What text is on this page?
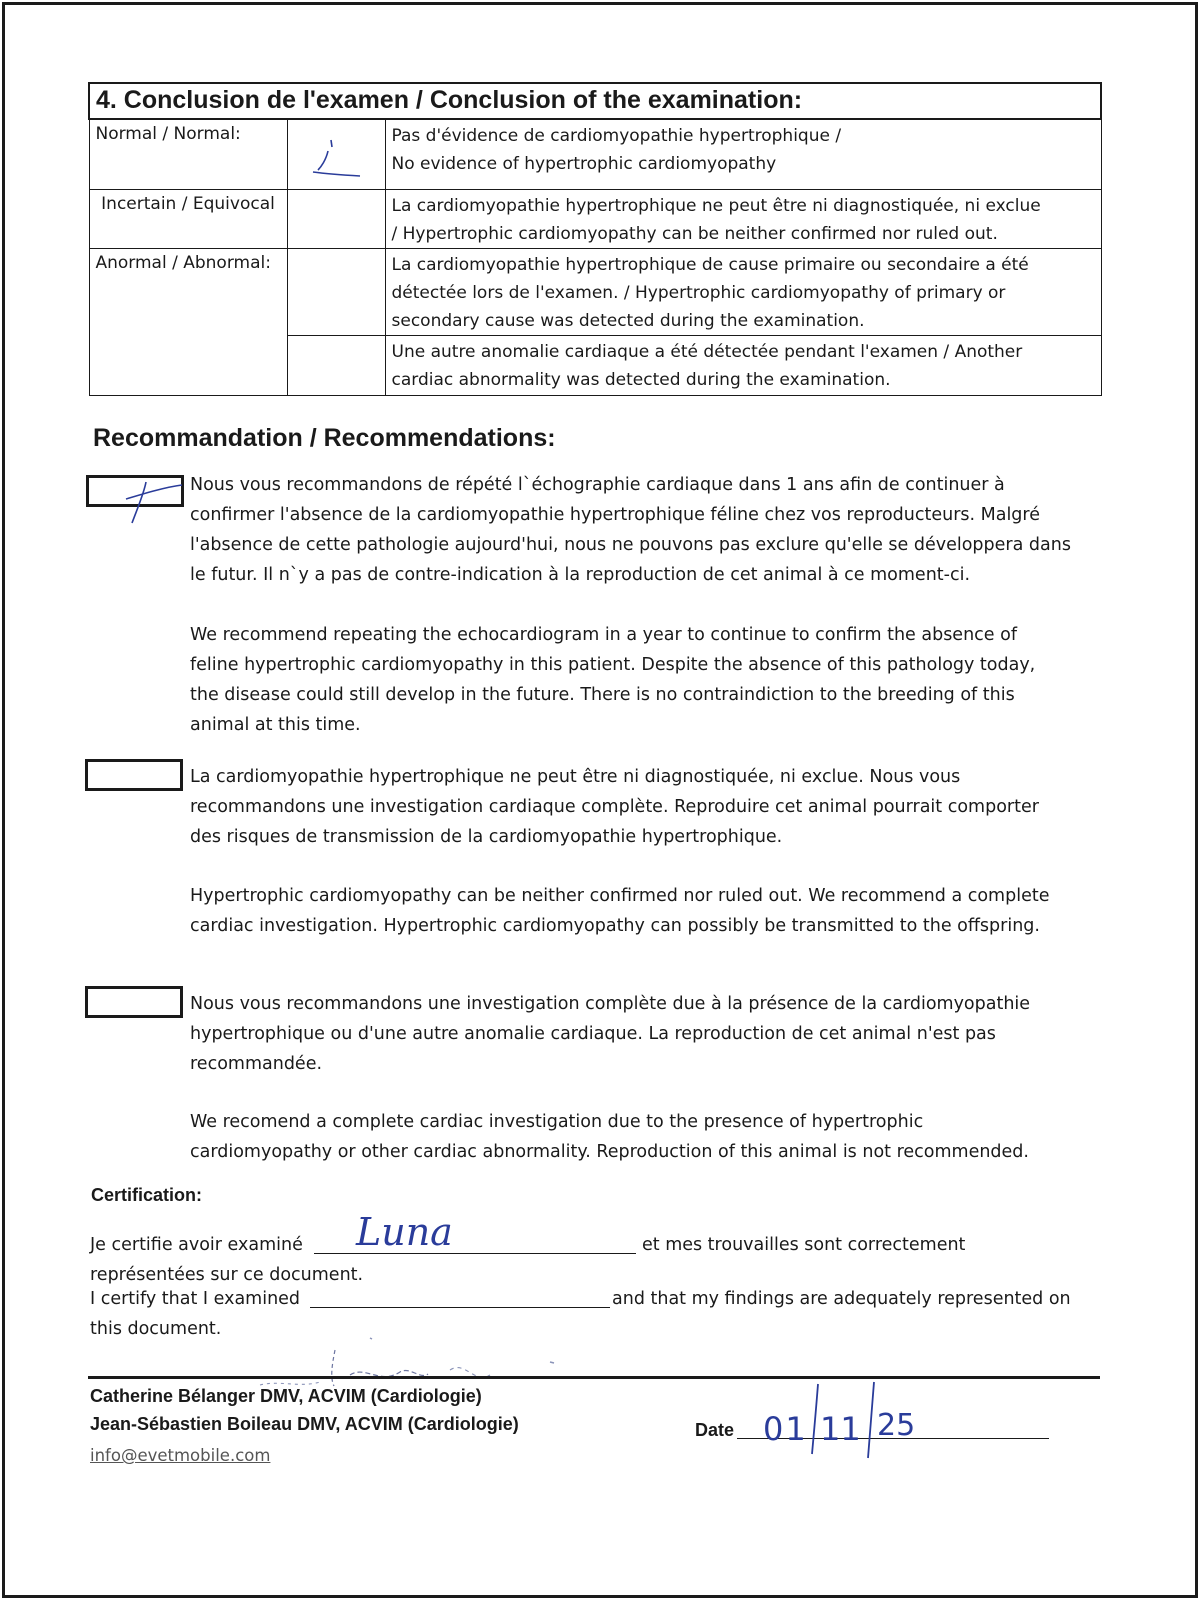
4. Conclusion de l'examen / Conclusion of the examination:		
Normal / Normal:		Pas d'évidence de cardiomyopathie hypertrophique /
No evidence of hypertrophic cardiomyopathy

Incertain / Equivocal		La cardiomyopathie hypertrophique ne peut être ni diagnostiquée, ni exclue
/ Hypertrophic cardiomyopathy can be neither confirmed nor ruled out.

Anormal / Abnormal:		La cardiomyopathie hypertrophique de cause primaire ou secondaire a été
détectée lors de l'examen. / Hypertrophic cardiomyopathy of primary or
secondary cause was detected during the examination.

		Une autre anomalie cardiaque a été détectée pendant l'examen / Another
cardiac abnormality was detected during the examination.
Recommandation / Recommendations:
Nous vous recommandons de répété l`échographie cardiaque dans 1 ans afin de continuer à
confirmer l'absence de la cardiomyopathie hypertrophique féline chez vos reproducteurs. Malgré
l'absence de cette pathologie aujourd'hui, nous ne pouvons pas exclure qu'elle se développera dans
le futur. Il n`y a pas de contre-indication à la reproduction de cet animal à ce moment-ci.
We recommend repeating the echocardiogram in a year to continue to confirm the absence of
feline hypertrophic cardiomyopathy in this patient. Despite the absence of this pathology today,
the disease could still develop in the future. There is no contraindiction to the breeding of this
animal at this time.
La cardiomyopathie hypertrophique ne peut être ni diagnostiquée, ni exclue. Nous vous
recommandons une investigation cardiaque complète. Reproduire cet animal pourrait comporter
des risques de transmission de la cardiomyopathie hypertrophique.
Hypertrophic cardiomyopathy can be neither confirmed nor ruled out. We recommend a complete
cardiac investigation. Hypertrophic cardiomyopathy can possibly be transmitted to the offspring.
Nous vous recommandons une investigation complète due à la présence de la cardiomyopathie
hypertrophique ou d'une autre anomalie cardiaque. La reproduction de cet animal n'est pas
recommandée.
We recomend a complete cardiac investigation due to the presence of hypertrophic
cardiomyopathy or other cardiac abnormality. Reproduction of this animal is not recommended.
Certification:
Je certifie avoir examiné Luna	et mes trouvailles sont correctement
représentées sur ce document.
I certify that I examined	and that my findings are adequately represented on
this document.
Catherine Bélanger DMV, ACVIM (Cardiologie)
Jean-Sébastien Boileau DMV, ACVIM (Cardiologie)
info@evetmobile.com
Date 01 11 25
